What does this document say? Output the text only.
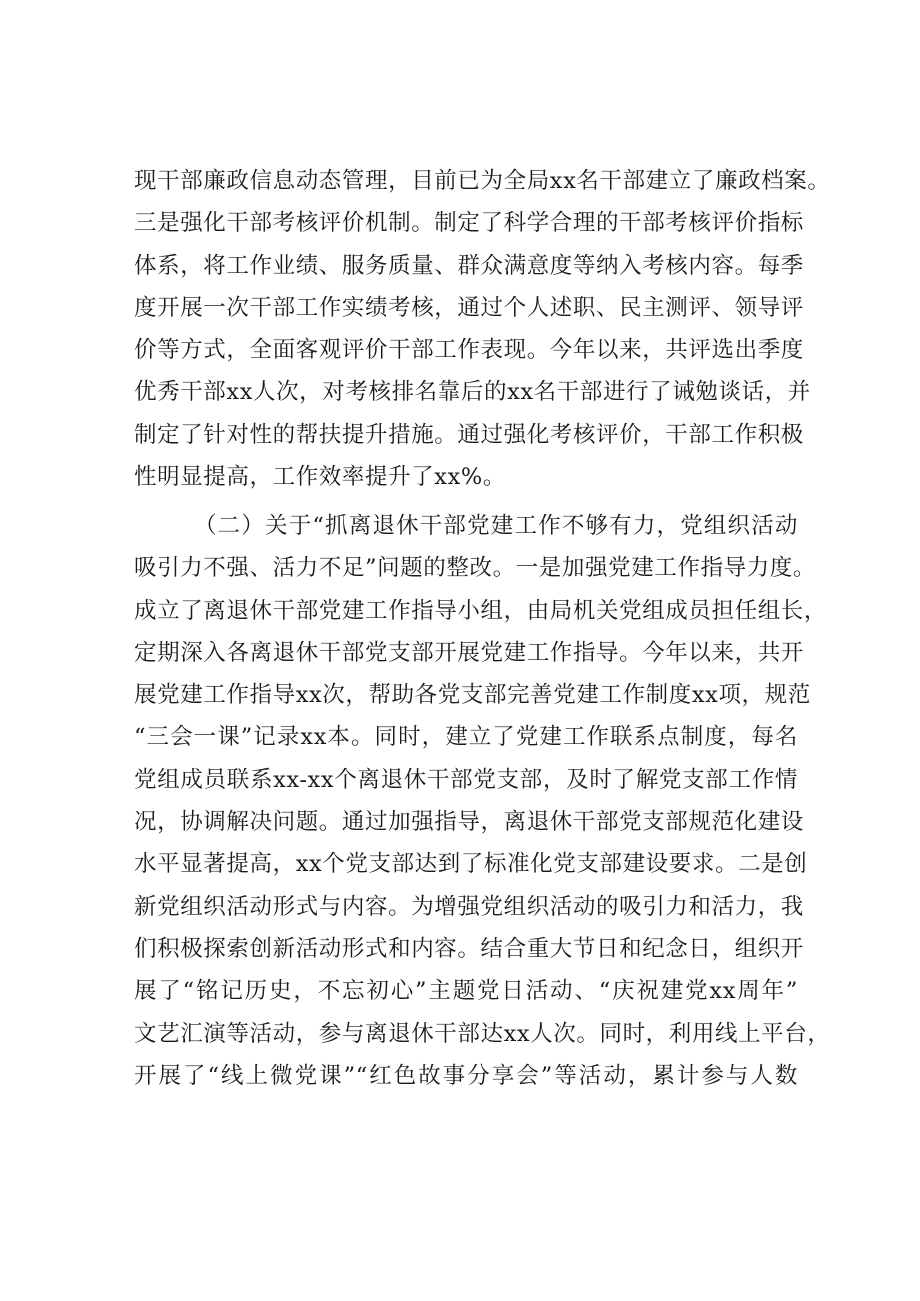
现干部廉政信息动态管理，目前已为全局xx名干部建立了廉政档案。
三是强化干部考核评价机制。制定了科学合理的干部考核评价指标
体系，将工作业绩、服务质量、群众满意度等纳入考核内容。每季
度开展一次干部工作实绩考核，通过个人述职、民主测评、领导评
价等方式，全面客观评价干部工作表现。今年以来，共评选出季度
优秀干部xx人次，对考核排名靠后的xx名干部进行了诫勉谈话，并
制定了针对性的帮扶提升措施。通过强化考核评价，干部工作积极
性明显提高，工作效率提升了xx%。
（二）关于“抓离退休干部党建工作不够有力，党组织活动
吸引力不强、活力不足”问题的整改。一是加强党建工作指导力度。
成立了离退休干部党建工作指导小组，由局机关党组成员担任组长，
定期深入各离退休干部党支部开展党建工作指导。今年以来，共开
展党建工作指导xx次，帮助各党支部完善党建工作制度xx项，规范
“三会一课”记录xx本。同时，建立了党建工作联系点制度，每名
党组成员联系xx-xx个离退休干部党支部，及时了解党支部工作情
况，协调解决问题。通过加强指导，离退休干部党支部规范化建设
水平显著提高，xx个党支部达到了标准化党支部建设要求。二是创
新党组织活动形式与内容。为增强党组织活动的吸引力和活力，我
们积极探索创新活动形式和内容。结合重大节日和纪念日，组织开
展了“铭记历史，不忘初心”主题党日活动、“庆祝建党xx周年”
文艺汇演等活动，参与离退休干部达xx人次。同时，利用线上平台，
开展了“线上微党课”“红色故事分享会”等活动，累计参与人数
